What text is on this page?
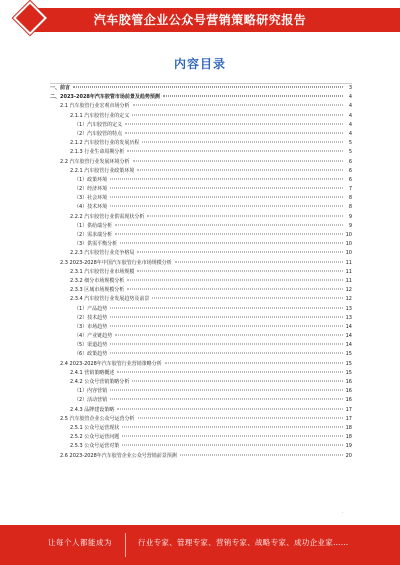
汽车胶管企业公众号营销策略研究报告
内容目录
一、前言	3
二、2023-2028年汽车胶管市场前景及趋势预测	4
2.1 汽车胶管行业宏观市场分析	4
2.1.1 汽车胶管行业的定义	4
（1）汽车胶管的定义	4
（2）汽车胶管的特点	4
2.1.2 汽车胶管行业的发展历程	5
2.1.3 行业生命周期分析	5
2.2 汽车胶管行业发展环境分析	6
2.2.1 汽车胶管行业政策环境	6
（1）政策环境	6
（2）经济环境	7
（3）社会环境	8
（4）技术环境	8
2.2.2 汽车胶管行业供需现状分析	9
（1）供给端分析	9
（2）需求端分析	10
（3）供需平衡分析	10
2.2.3 汽车胶管行业竞争格局	10
2.3 2023-2028年中国汽车胶管行业市场规模分析	11
2.3.1 汽车胶管行业市场规模	11
2.3.2 细分市场规模分析	11
2.3.3 区域市场规模分析	12
2.3.4 汽车胶管行业发展趋势及前景	12
（1）产品趋势	13
（2）技术趋势	13
（3）市场趋势	14
（4）产业链趋势	14
（5）渠道趋势	14
（6）政策趋势	15
2.4 2023-2028年汽车胶管行业营销策略分析	15
2.4.1 营销策略概述	15
2.4.2 公众号营销策略分析	16
（1）内容营销	16
（2）活动营销	16
2.4.3 品牌建设策略	17
2.5 汽车胶管企业公众号运营分析	17
2.5.1 公众号运营现状	18
2.5.2 公众号运营问题	18
2.5.3 公众号运营对策	19
2.6 2023-2028年汽车胶管企业公众号营销前景预测	20
·
让每个人都能成为	行业专家、管理专家、营销专家、战略专家、成功企业家……
